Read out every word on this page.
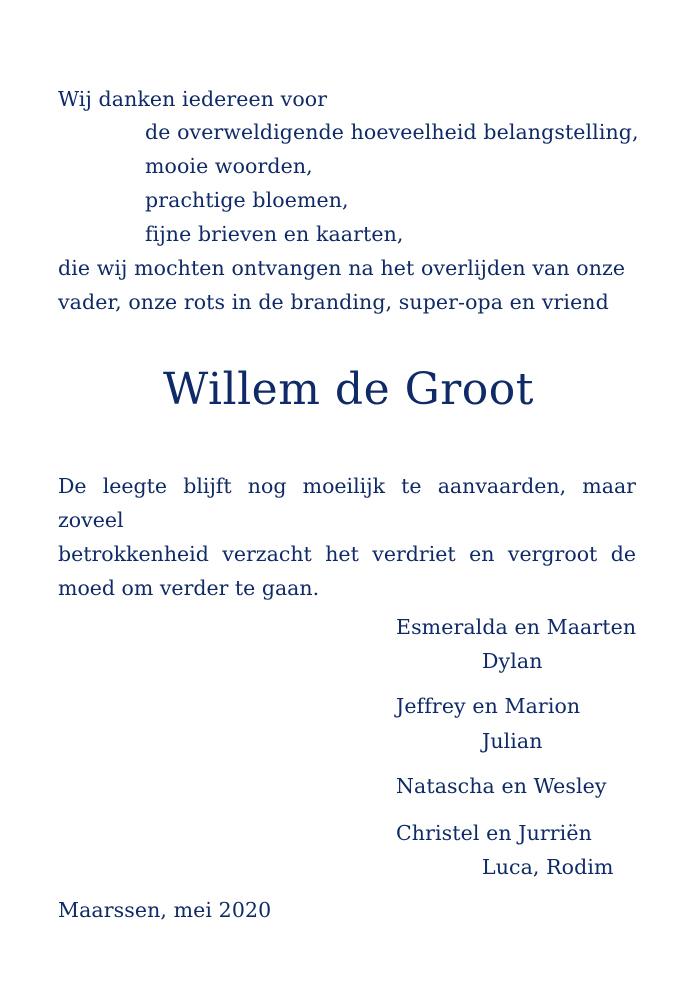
Wij danken iedereen voor
de overweldigende hoeveelheid belangstelling,
mooie woorden,
prachtige bloemen,
fijne brieven en kaarten,
die wij mochten ontvangen na het overlijden van onze
vader, onze rots in de branding, super-opa en vriend
Willem de Groot
De leegte blijft nog moeilijk te aanvaarden, maar zoveel
betrokkenheid verzacht het verdriet en vergroot de
moed om verder te gaan.
Esmeralda en Maarten
Dylan
Jeffrey en Marion
Julian
Natascha en Wesley
Christel en Jurriën
Luca, Rodim
Maarssen, mei 2020
